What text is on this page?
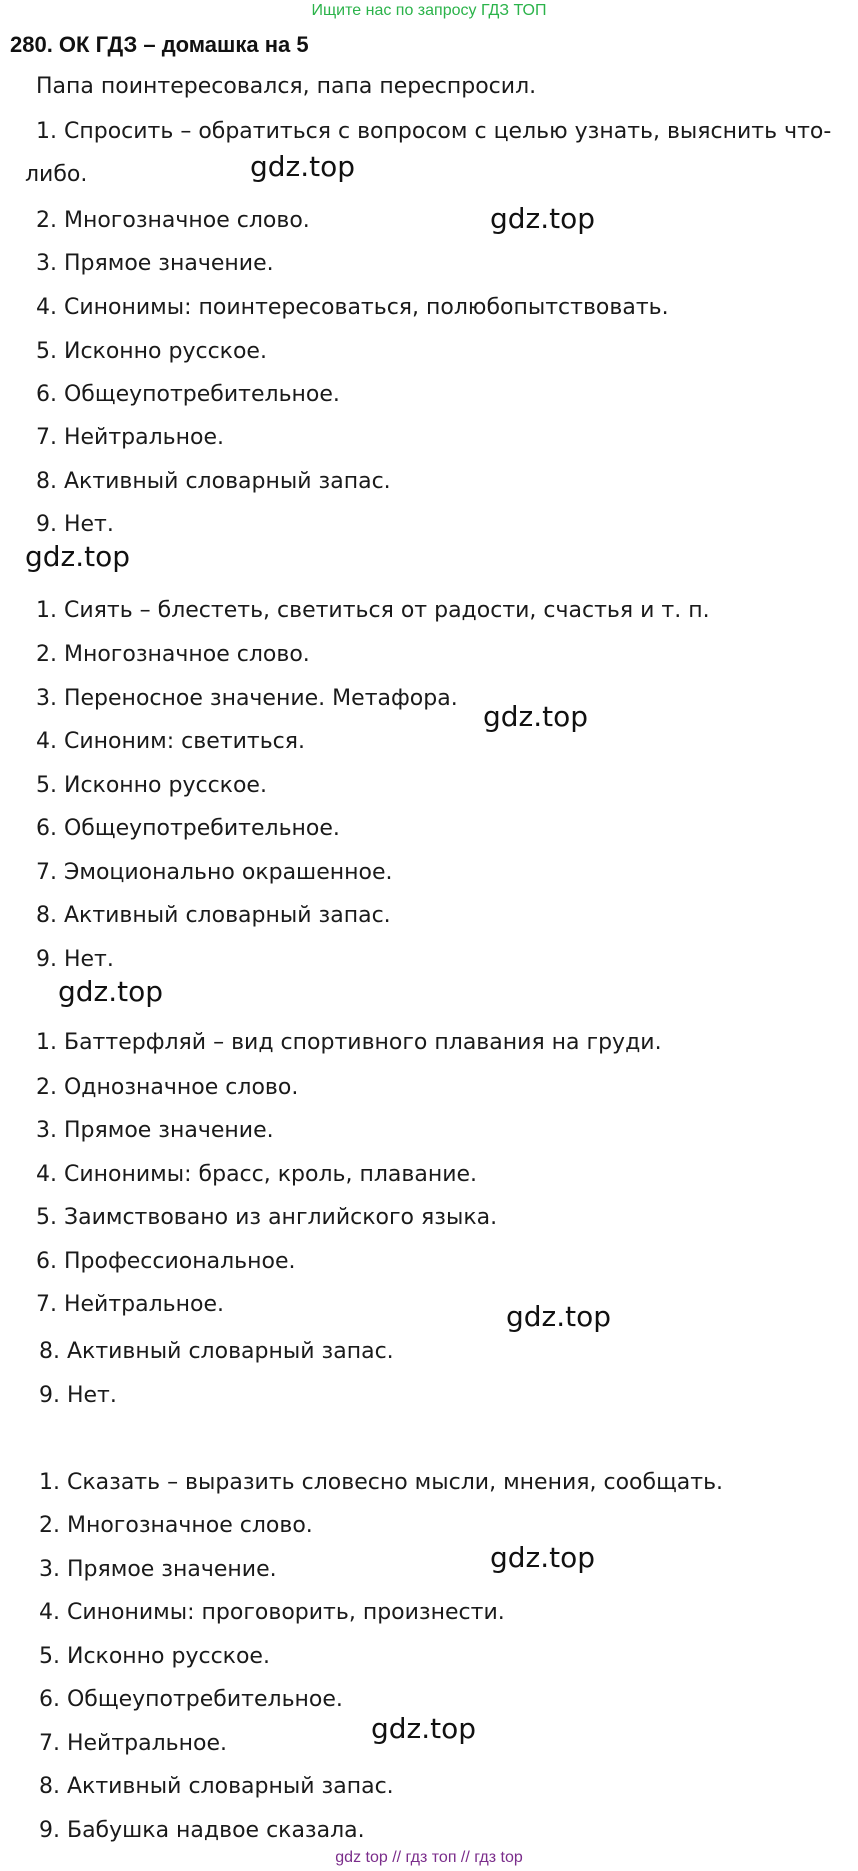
Ищите нас по запросу ГДЗ ТОП
280. ОК ГДЗ – домашка на 5
Папа поинтересовался, папа переспросил.
1. Спросить – обратиться с вопросом с целью узнать, выяснить что-
либо.
2. Многозначное слово.
3. Прямое значение.
4. Синонимы: поинтересоваться, полюбопытствовать.
5. Исконно русское.
6. Общеупотребительное.
7. Нейтральное.
8. Активный словарный запас.
9. Нет.
1. Сиять – блестеть, светиться от радости, счастья и т. п.
2. Многозначное слово.
3. Переносное значение. Метафора.
4. Синоним: светиться.
5. Исконно русское.
6. Общеупотребительное.
7. Эмоционально окрашенное.
8. Активный словарный запас.
9. Нет.
1. Баттерфляй – вид спортивного плавания на груди.
2. Однозначное слово.
3. Прямое значение.
4. Синонимы: брасс, кроль, плавание.
5. Заимствовано из английского языка.
6. Профессиональное.
7. Нейтральное.
8. Активный словарный запас.
9. Нет.
1. Сказать – выразить словесно мысли, мнения, сообщать.
2. Многозначное слово.
3. Прямое значение.
4. Синонимы: проговорить, произнести.
5. Исконно русское.
6. Общеупотребительное.
7. Нейтральное.
8. Активный словарный запас.
9. Бабушка надвое сказала.
gdz.top
gdz.top
gdz.top
gdz.top
gdz.top
gdz.top
gdz.top
gdz.top
gdz top // гдз топ // гдз top
